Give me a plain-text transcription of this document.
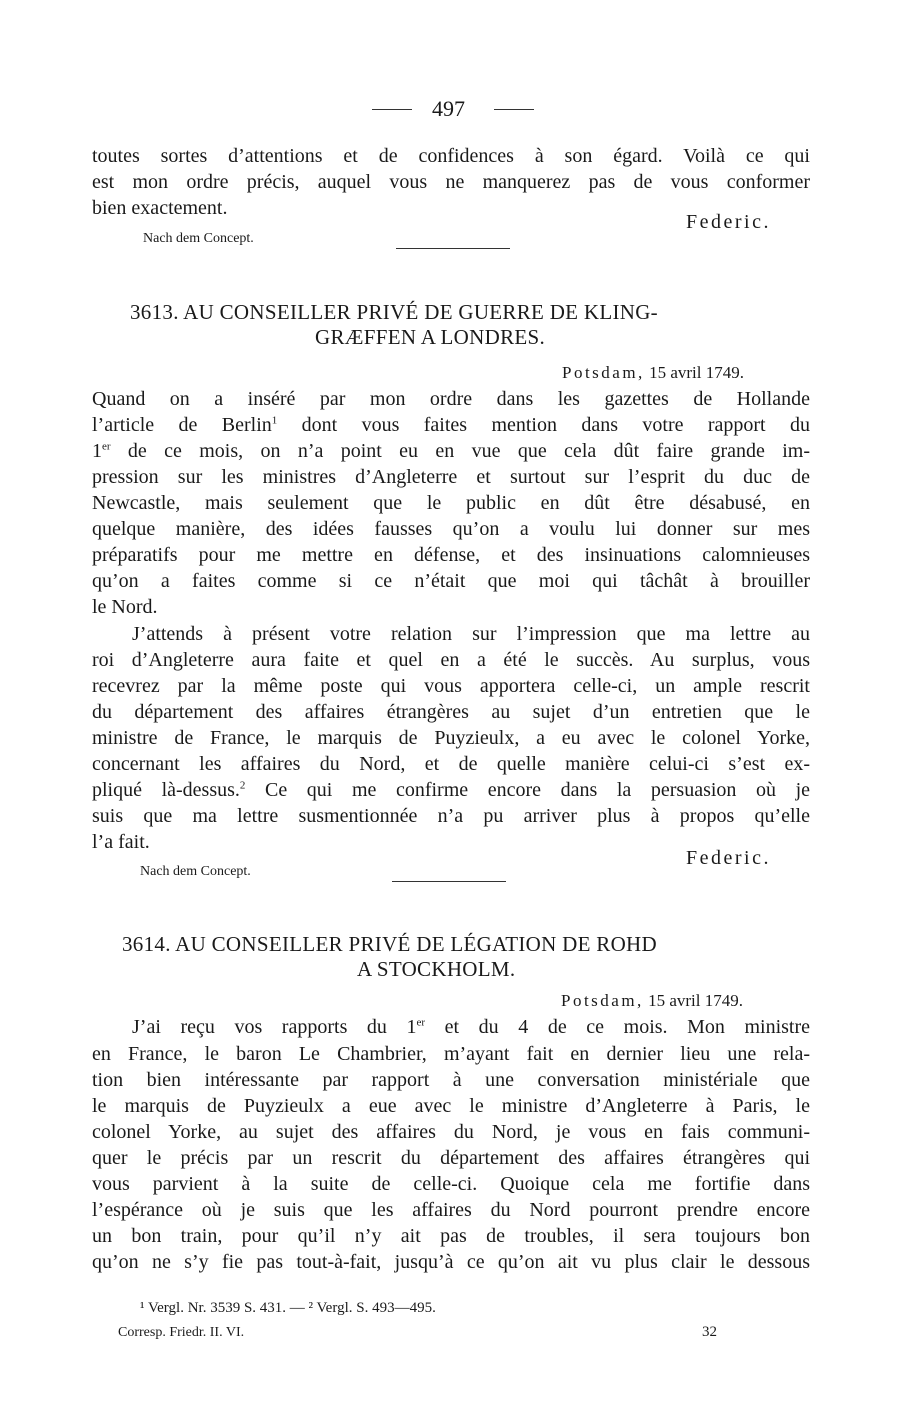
497
toutes sortes d’attentions et de confidences à son égard. Voilà ce qui
est mon ordre précis, auquel vous ne manquerez pas de vous conformer
bien exactement.
Federic.
Nach dem Concept.
3613. AU CONSEILLER PRIVÉ DE GUERRE DE KLING-
GRÆFFEN A LONDRES.
Potsdam, 15 avril 1749.
Quand on a inséré par mon ordre dans les gazettes de Hollande
l’article de Berlin$^1$ dont vous faites mention dans votre rapport du
1er de ce mois, on n’a point eu en vue que cela dût faire grande im-
pression sur les ministres d’Angleterre et surtout sur l’esprit du duc de
Newcastle, mais seulement que le public en dût être désabusé, en
quelque manière, des idées fausses qu’on a voulu lui donner sur mes
préparatifs pour me mettre en défense, et des insinuations calomnieuses
qu’on a faites comme si ce n’était que moi qui tâchât à brouiller
le Nord.
J’attends à présent votre relation sur l’impression que ma lettre au
roi d’Angleterre aura faite et quel en a été le succès. Au surplus, vous
recevrez par la même poste qui vous apportera celle-ci, un ample rescrit
du département des affaires étrangères au sujet d’un entretien que le
ministre de France, le marquis de Puyzieulx, a eu avec le colonel Yorke,
concernant les affaires du Nord, et de quelle manière celui-ci s’est ex-
pliqué là-dessus.$^2$ Ce qui me confirme encore dans la persuasion où je
suis que ma lettre susmentionnée n’a pu arriver plus à propos qu’elle
l’a fait.
Federic.
Nach dem Concept.
3614. AU CONSEILLER PRIVÉ DE LÉGATION DE ROHD
A STOCKHOLM.
Potsdam, 15 avril 1749.
J’ai reçu vos rapports du 1er et du 4 de ce mois. Mon ministre
en France, le baron Le Chambrier, m’ayant fait en dernier lieu une rela-
tion bien intéressante par rapport à une conversation ministériale que
le marquis de Puyzieulx a eue avec le ministre d’Angleterre à Paris, le
colonel Yorke, au sujet des affaires du Nord, je vous en fais communi-
quer le précis par un rescrit du département des affaires étrangères qui
vous parvient à la suite de celle-ci. Quoique cela me fortifie dans
l’espérance où je suis que les affaires du Nord pourront prendre encore
un bon train, pour qu’il n’y ait pas de troubles, il sera toujours bon
qu’on ne s’y fie pas tout-à-fait, jusqu’à ce qu’on ait vu plus clair le dessous
¹ Vergl. Nr. 3539 S. 431. — ² Vergl. S. 493—495.
Corresp. Friedr. II. VI.	32
